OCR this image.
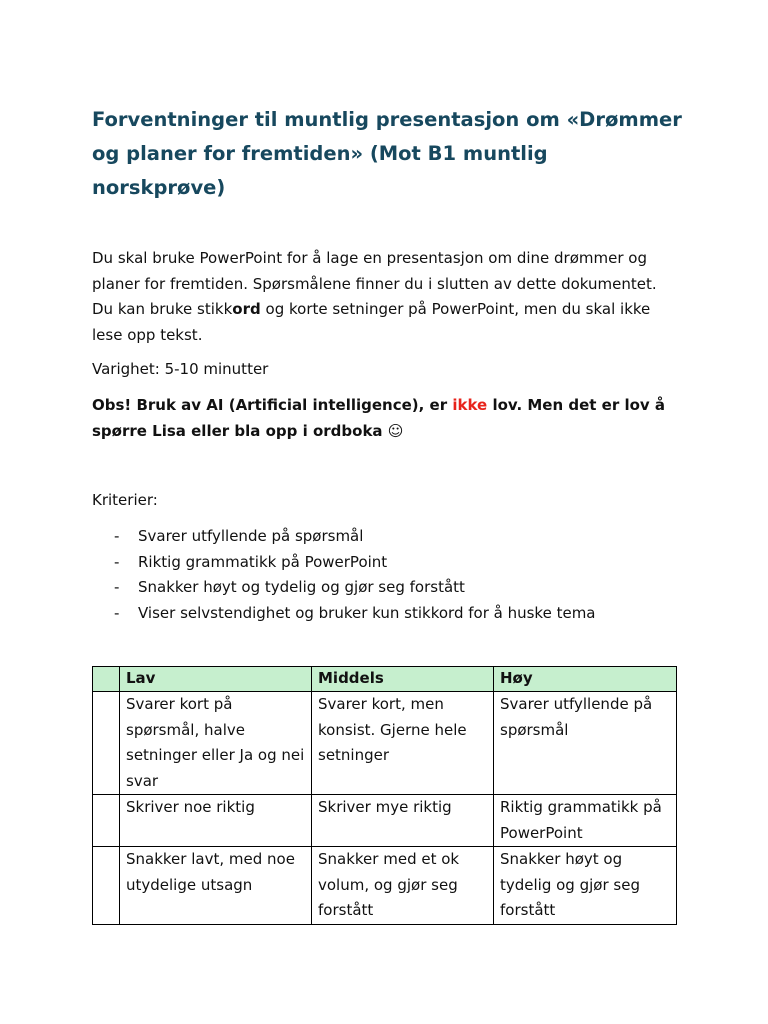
Forventninger til muntlig presentasjon om «Drømmer og planer for fremtiden» (Mot B1 muntlig norskprøve)

Du skal bruke PowerPoint for å lage en presentasjon om dine drømmer og planer for fremtiden. Spørsmålene finner du i slutten av dette dokumentet. Du kan bruke stikkord og korte setninger på PowerPoint, men du skal ikke lese opp tekst.

Varighet: 5-10 minutter

Obs! Bruk av AI (Artificial intelligence), er ikke lov. Men det er lov å spørre Lisa eller bla opp i ordboka ☺

Kriterier:

- Svarer utfyllende på spørsmål
- Riktig grammatikk på PowerPoint
- Snakker høyt og tydelig og gjør seg forstått
- Viser selvstendighet og bruker kun stikkord for å huske tema
	Lav	Middels	Høy
	Svarer kort på spørsmål, halve setninger eller Ja og nei svar	Svarer kort, men konsist. Gjerne hele setninger	Svarer utfyllende på spørsmål
	Skriver noe riktig	Skriver mye riktig	Riktig grammatikk på PowerPoint
	Snakker lavt, med noe utydelige utsagn	Snakker med et ok volum, og gjør seg forstått	Snakker høyt og tydelig og gjør seg forstått
